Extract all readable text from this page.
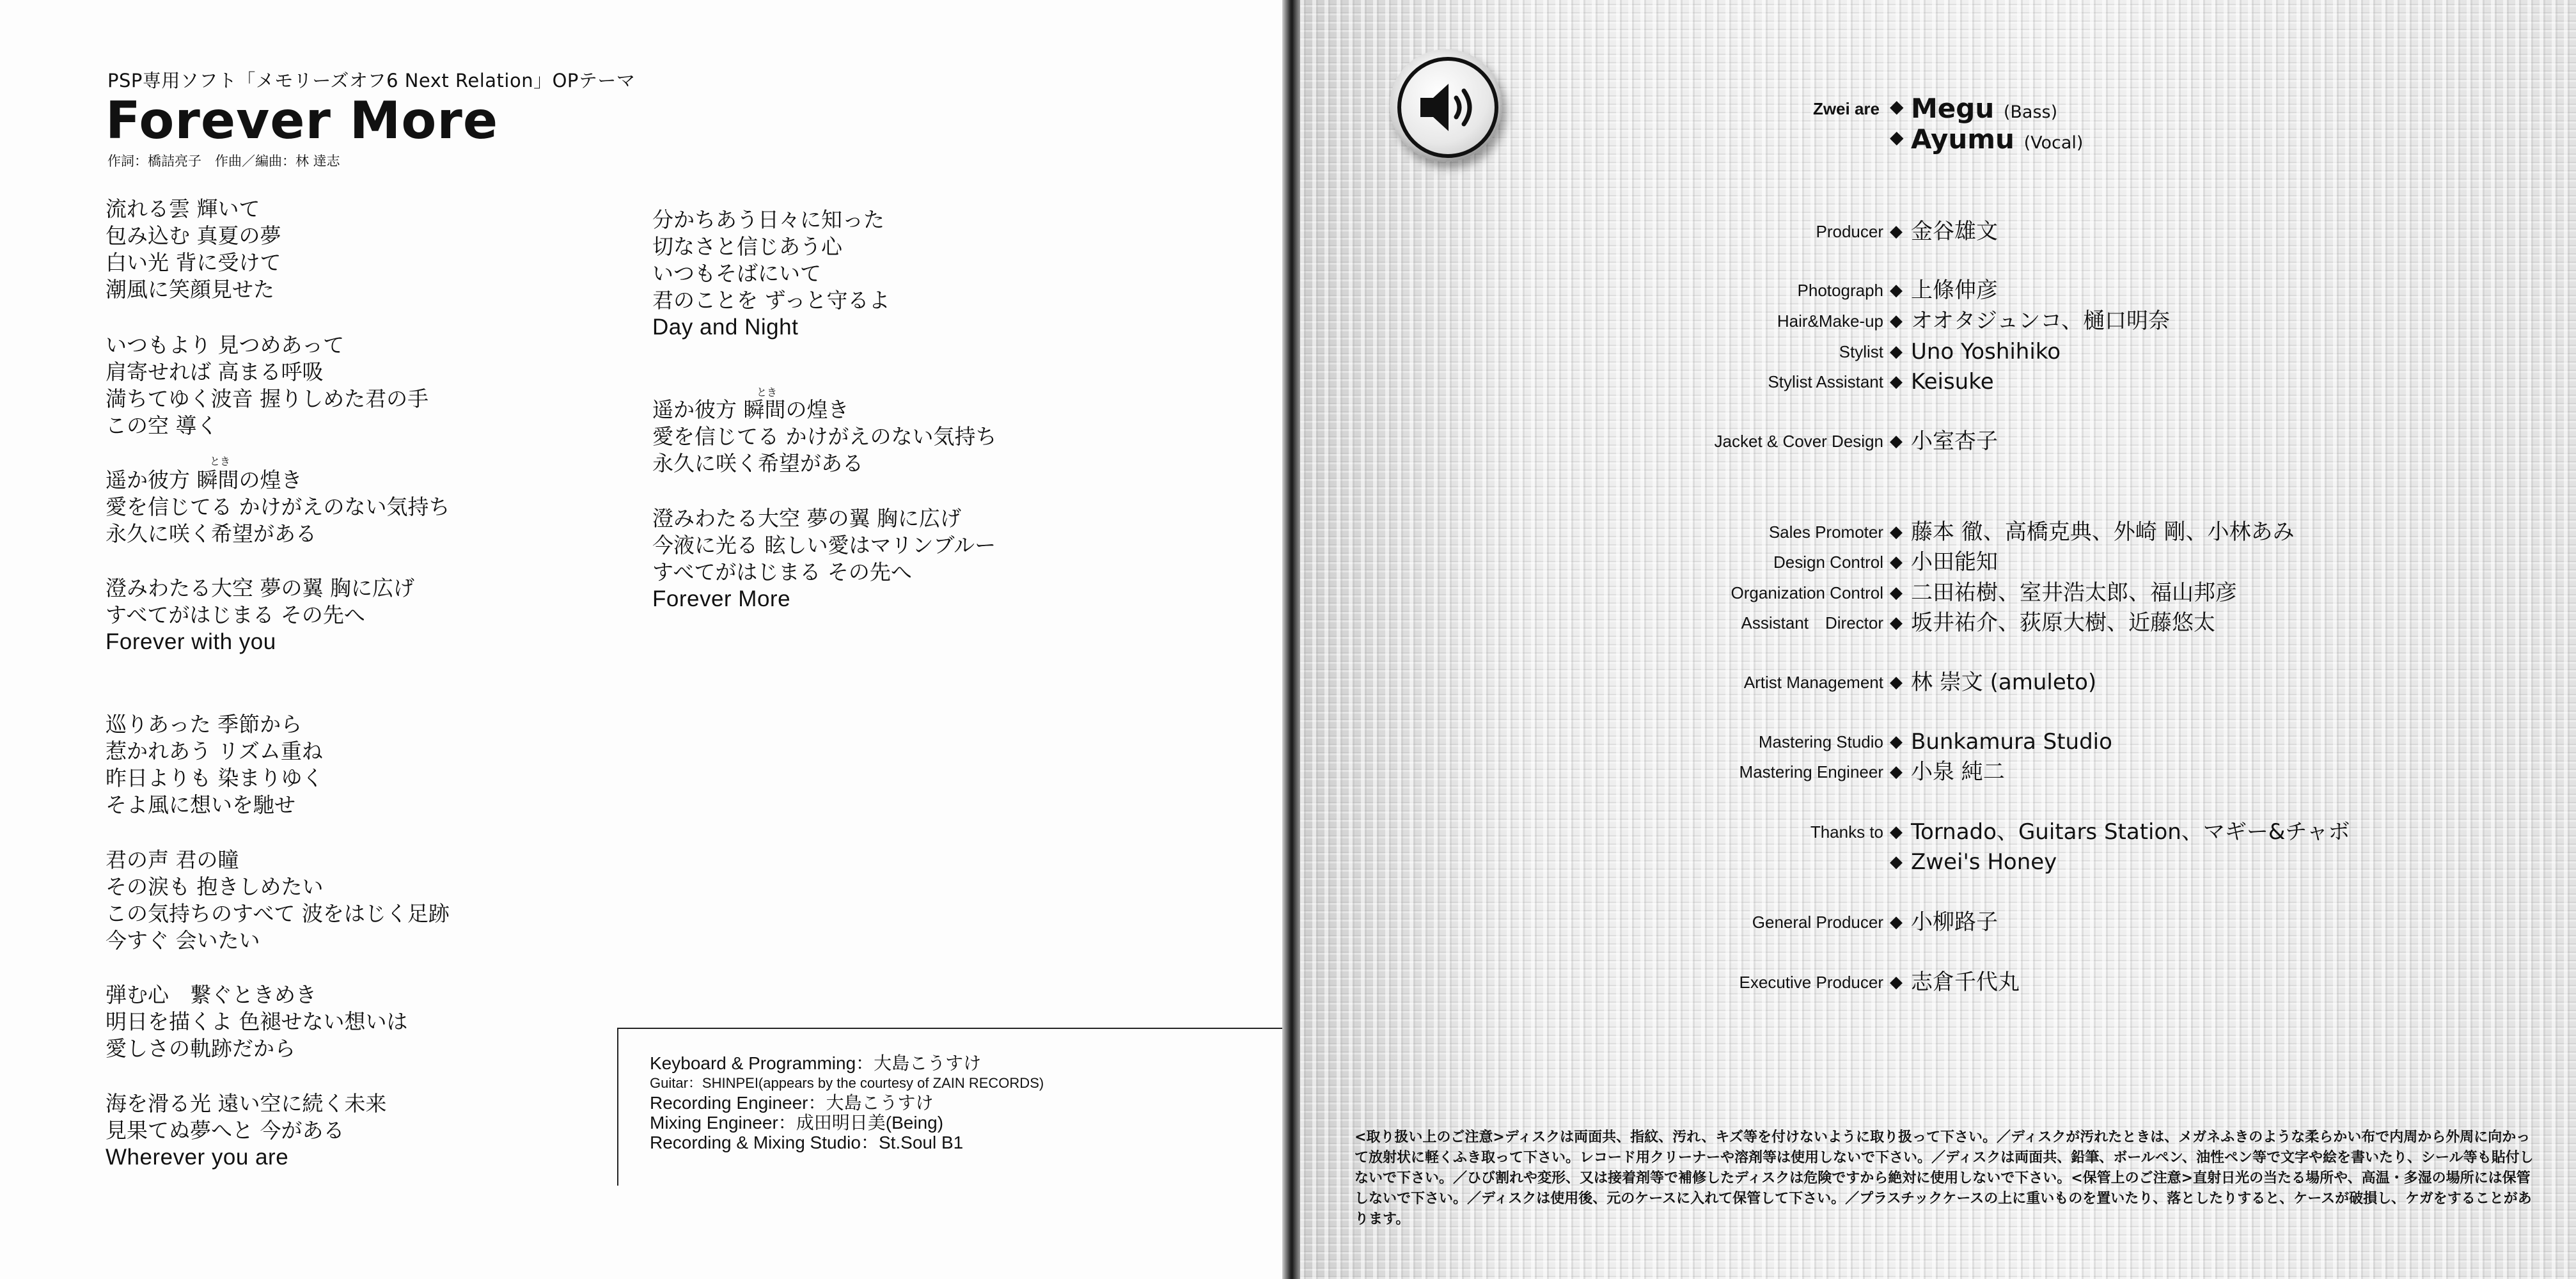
PSP専用ソフト「メモリーズオフ6 Next Relation」OPテーマ
Forever More
作詞：橋詰亮子　作曲／編曲：林 達志
流れる雲 輝いて
包み込む 真夏の夢
白い光 背に受けて
潮風に笑顔見せた
いつもより 見つめあって
肩寄せれば 高まる呼吸
満ちてゆく波音 握りしめた君の手
この空 導く
とき
遥か彼方 瞬間の煌き
愛を信じてる かけがえのない気持ち
永久に咲く希望がある
澄みわたる大空 夢の翼 胸に広げ
すべてがはじまる その先へ
Forever with you
巡りあった 季節から
惹かれあう リズム重ね
昨日よりも 染まりゆく
そよ風に想いを馳せ
君の声 君の瞳
その涙も 抱きしめたい
この気持ちのすべて 波をはじく足跡
今すぐ 会いたい
弾む心　繋ぐときめき
明日を描くよ 色褪せない想いは
愛しさの軌跡だから
海を滑る光 遠い空に続く未来
見果てぬ夢へと 今がある
Wherever you are
分かちあう日々に知った
切なさと信じあう心
いつもそばにいて
君のことを ずっと守るよ
Day and Night
とき
遥か彼方 瞬間の煌き
愛を信じてる かけがえのない気持ち
永久に咲く希望がある
澄みわたる大空 夢の翼 胸に広げ
今液に光る 眩しい愛はマリンブルー
すべてがはじまる その先へ
Forever More
Keyboard & Programming：大島こうすけ
Guitar：SHINPEI(appears by the courtesy of ZAIN RECORDS)
Recording Engineer：大島こうすけ
Mixing Engineer：成田明日美(Being)
Recording & Mixing Studio：St.Soul B1
Zwei are ◆ Megu (Bass)
◆ Ayumu (Vocal)
Producer ◆ 金谷雄文
Photograph ◆ 上條伸彦
Hair&Make-up ◆ オオタジュンコ、樋口明奈
Stylist ◆ Uno Yoshihiko
Stylist Assistant ◆ Keisuke
Jacket & Cover Design ◆ 小室杏子
Sales Promoter ◆ 藤本 徹、高橋克典、外崎 剛、小林あみ
Design Control ◆ 小田能知
Organization Control ◆ 二田祐樹、室井浩太郎、福山邦彦
Assistant　Director ◆ 坂井祐介、荻原大樹、近藤悠太
Artist Management ◆ 林 崇文 (amuleto)
Mastering Studio ◆ Bunkamura Studio
Mastering Engineer ◆ 小泉 純二
Thanks to ◆ Tornado、Guitars Station、マギー&チャボ
◆ Zwei's Honey
General Producer ◆ 小柳路子
Executive Producer ◆ 志倉千代丸
<取り扱い上のご注意>ディスクは両面共、指紋、汚れ、キズ等を付けないように取り扱って下さい。／ディスクが汚れたときは、メガネふきのような柔らかい布で内周から外周に向かって放射状に軽くふき取って下さい。レコード用クリーナーや溶剤等は使用しないで下さい。／ディスクは両面共、鉛筆、ボールペン、油性ペン等で文字や絵を書いたり、シール等も貼付しないで下さい。／ひび割れや変形、又は接着剤等で補修したディスクは危険ですから絶対に使用しないで下さい。<保管上のご注意>直射日光の当たる場所や、高温・多湿の場所には保管しないで下さい。／ディスクは使用後、元のケースに入れて保管して下さい。／プラスチックケースの上に重いものを置いたり、落としたりすると、ケースが破損し、ケガをすることがあります。
